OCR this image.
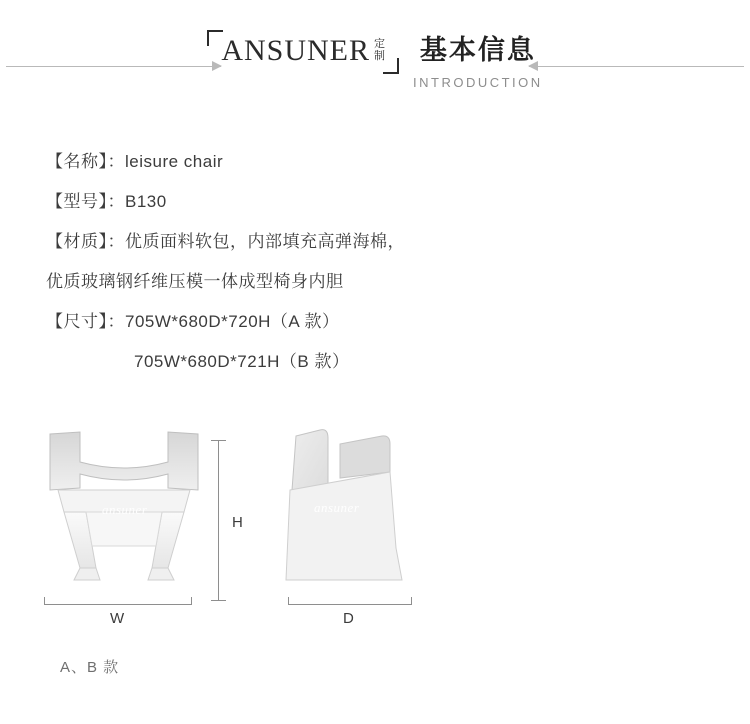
ANSUNER 定
制 基本信息
INTRODUCTION
【名称】：leisure chair
【型号】：B130
【材质】：优质面料软包，内部填充高弹海棉，
优质玻璃钢纤维压模一体成型椅身内胆
【尺寸】：705W*680D*720H（A 款）
705W*680D*721H（B 款）
ansuner	ansuner
W	D
H
A、B 款
